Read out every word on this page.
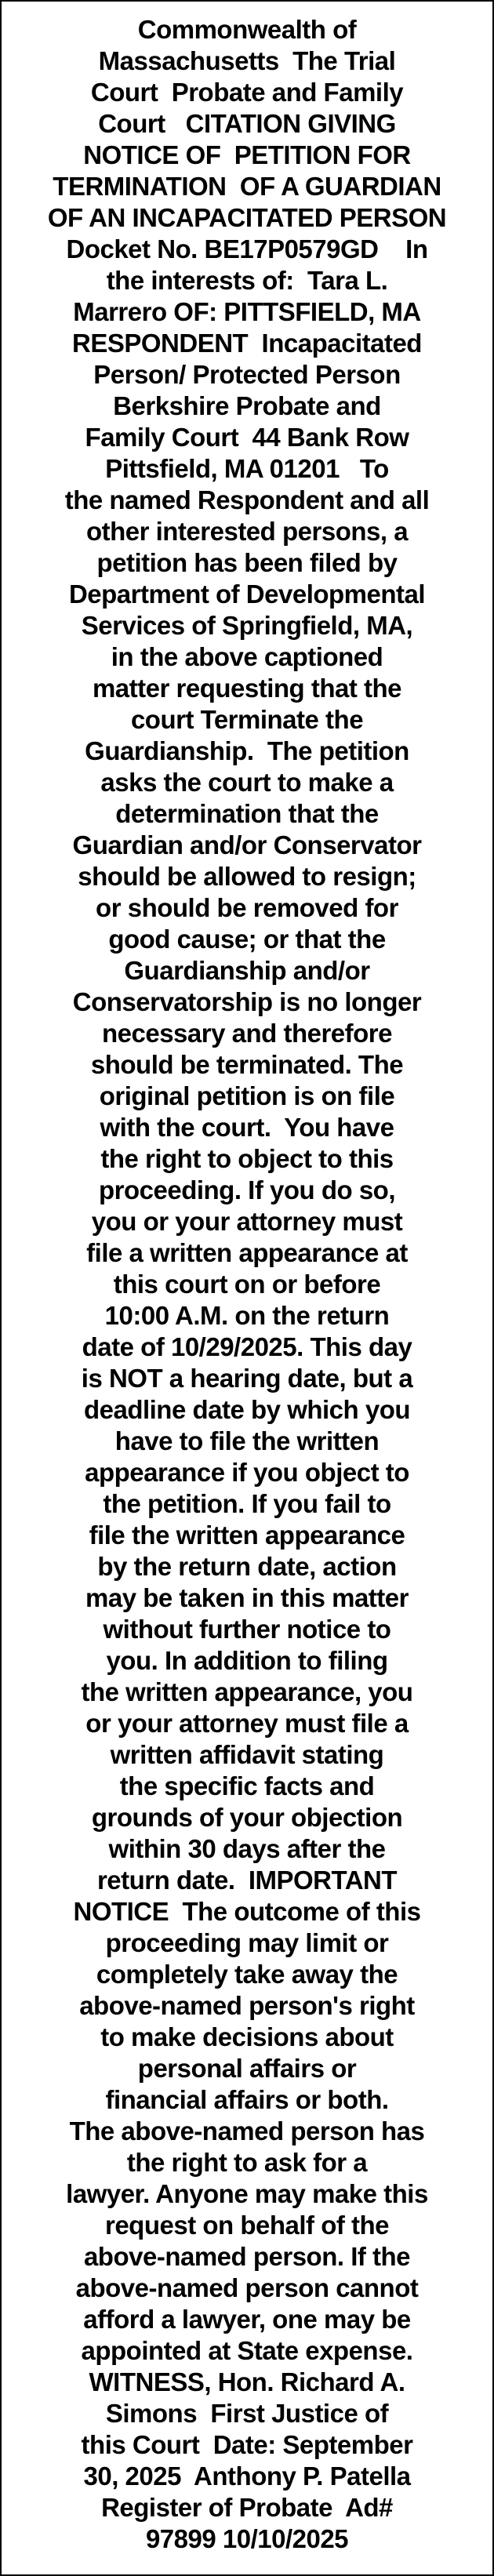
Commonwealth of
Massachusetts  The Trial
Court  Probate and Family
Court   CITATION GIVING
NOTICE OF  PETITION FOR
TERMINATION  OF A GUARDIAN
OF AN INCAPACITATED PERSON
Docket No. BE17P0579GD    In
the interests of:  Tara L.
Marrero OF: PITTSFIELD, MA
RESPONDENT  Incapacitated
Person/ Protected Person
Berkshire Probate and
Family Court  44 Bank Row
Pittsfield, MA 01201   To
the named Respondent and all
other interested persons, a
petition has been filed by
Department of Developmental
Services of Springfield, MA,
in the above captioned
matter requesting that the
court Terminate the
Guardianship.  The petition
asks the court to make a
determination that the
Guardian and/or Conservator
should be allowed to resign;
or should be removed for
good cause; or that the
Guardianship and/or
Conservatorship is no longer
necessary and therefore
should be terminated. The
original petition is on file
with the court.  You have
the right to object to this
proceeding. If you do so,
you or your attorney must
file a written appearance at
this court on or before
10:00 A.M. on the return
date of 10/29/2025. This day
is NOT a hearing date, but a
deadline date by which you
have to file the written
appearance if you object to
the petition. If you fail to
file the written appearance
by the return date, action
may be taken in this matter
without further notice to
you. In addition to filing
the written appearance, you
or your attorney must file a
written affidavit stating
the specific facts and
grounds of your objection
within 30 days after the
return date.  IMPORTANT
NOTICE  The outcome of this
proceeding may limit or
completely take away the
above-named person's right
to make decisions about
personal affairs or
financial affairs or both.
The above-named person has
the right to ask for a
lawyer. Anyone may make this
request on behalf of the
above-named person. If the
above-named person cannot
afford a lawyer, one may be
appointed at State expense.
WITNESS, Hon. Richard A.
Simons  First Justice of
this Court  Date: September
30, 2025  Anthony P. Patella
Register of Probate  Ad#
97899 10/10/2025
